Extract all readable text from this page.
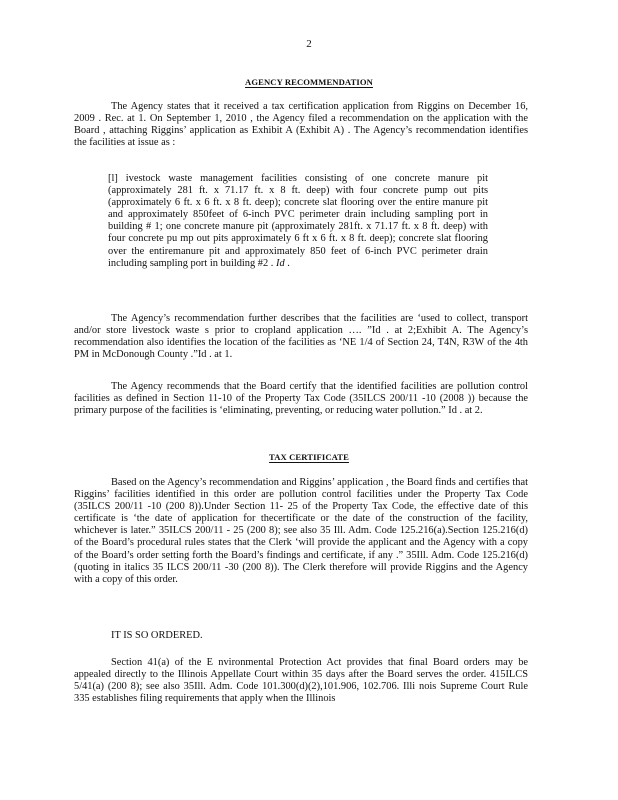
2
AGENCY RECOMMENDATION

The Agency states that it received a tax certification application from Riggins on December 16, 2009 . Rec. at 1. On September 1, 2010 , the Agency filed a recommendation on the application with the Board , attaching Riggins’ application as Exhibit A (Exhibit A) . The Agency’s recommendation identifies the facilities at issue as :

[l] ivestock waste management facilities consisting of one concrete manure pit (approximately 281 ft. x 71.17 ft. x 8 ft. deep) with four concrete pump out pits (approximately 6 ft. x 6 ft. x 8 ft. deep); concrete slat flooring over the entire manure pit and approximately 850feet of 6-inch PVC perimeter drain including sampling port in building # 1; one concrete manure pit (approximately 281ft. x 71.17 ft. x 8 ft. deep) with four concrete pu mp out pits approximately 6 ft x 6 ft. x 8 ft. deep); concrete slat flooring over the entiremanure pit and approximately 850 feet of 6-inch PVC perimeter drain including sampling port in building #2 . Id .

The Agency’s recommendation further describes that the facilities are ‘used to collect, transport and/or store livestock waste s prior to cropland application …. ”Id . at 2;Exhibit A. The Agency’s recommendation also identifies the location of the facilities as ‘NE 1/4 of Section 24, T4N, R3W of the 4th PM in McDonough County .”Id . at 1.

The Agency recommends that the Board certify that the identified facilities are pollution control facilities as defined in Section 11-10 of the Property Tax Code (35ILCS 200/11 -10 (2008 )) because the primary purpose of the facilities is ‘eliminating, preventing, or reducing water pollution.” Id . at 2.

TAX CERTIFICATE

Based on the Agency’s recommendation and Riggins’ application , the Board finds and certifies that Riggins’ facilities identified in this order are pollution control facilities under the Property Tax Code (35ILCS 200/11 -10 (200 8)).Under Section 11- 25 of the Property Tax Code, the effective date of this certificate is ‘the date of application for thecertificate or the date of the construction of the facility, whichever is later.” 35ILCS 200/11 - 25 (200 8); see also 35 Ill. Adm. Code 125.216(a).Section 125.216(d) of the Board’s procedural rules states that the Clerk ‘will provide the applicant and the Agency with a copy of the Board’s order setting forth the Board’s findings and certificate, if any .” 35Ill. Adm. Code 125.216(d) (quoting in italics 35 ILCS 200/11 -30 (200 8)). The Clerk therefore will provide Riggins and the Agency with a copy of this order.

IT IS SO ORDERED.

Section 41(a) of the E nvironmental Protection Act provides that final Board orders may be appealed directly to the Illinois Appellate Court within 35 days after the Board serves the order. 415ILCS 5/41(a) (200 8); see also 35Ill. Adm. Code 101.300(d)(2),101.906, 102.706. Illi nois Supreme Court Rule 335 establishes filing requirements that apply when the Illinois
